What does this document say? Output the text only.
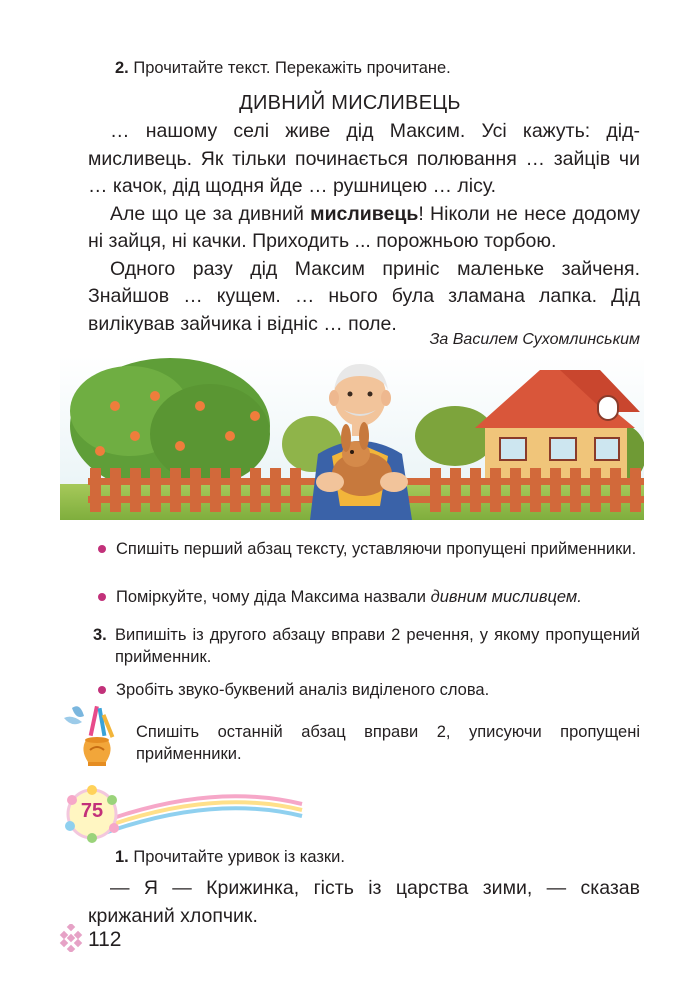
2. Прочитайте текст. Перекажіть прочитане.
ДИВНИЙ МИСЛИВЕЦЬ

… нашому селі живе дід Максим. Усі кажуть: дід-мисливець. Як тільки починається полювання … зайців чи … качок, дід щодня йде … рушницею … лісу.

Але що це за дивний мисливець! Ніколи не несе додому ні зайця, ні качки. Приходить ... порожньою торбою.

Одного разу дід Максим приніс маленьке зайченя. Знайшов … кущем. … нього була зламана лапка. Дід вилікував зайчика і відніс … поле.

За Василем Сухомлинським
Спишіть перший абзац тексту, уставляючи пропущені прийменники.
Поміркуйте, чому діда Максима назвали дивним мисливцем.
3. Випишіть із другого абзацу вправи 2 речення, у якому пропущений прийменник.
Зробіть звуко-буквений аналіз виділеного слова.
Спишіть останній абзац вправи 2, уписуючи пропущені прийменники.
75
1. Прочитайте уривок із казки.

— Я — Крижинка, гість із царства зими, — сказав крижаний хлопчик.

112
